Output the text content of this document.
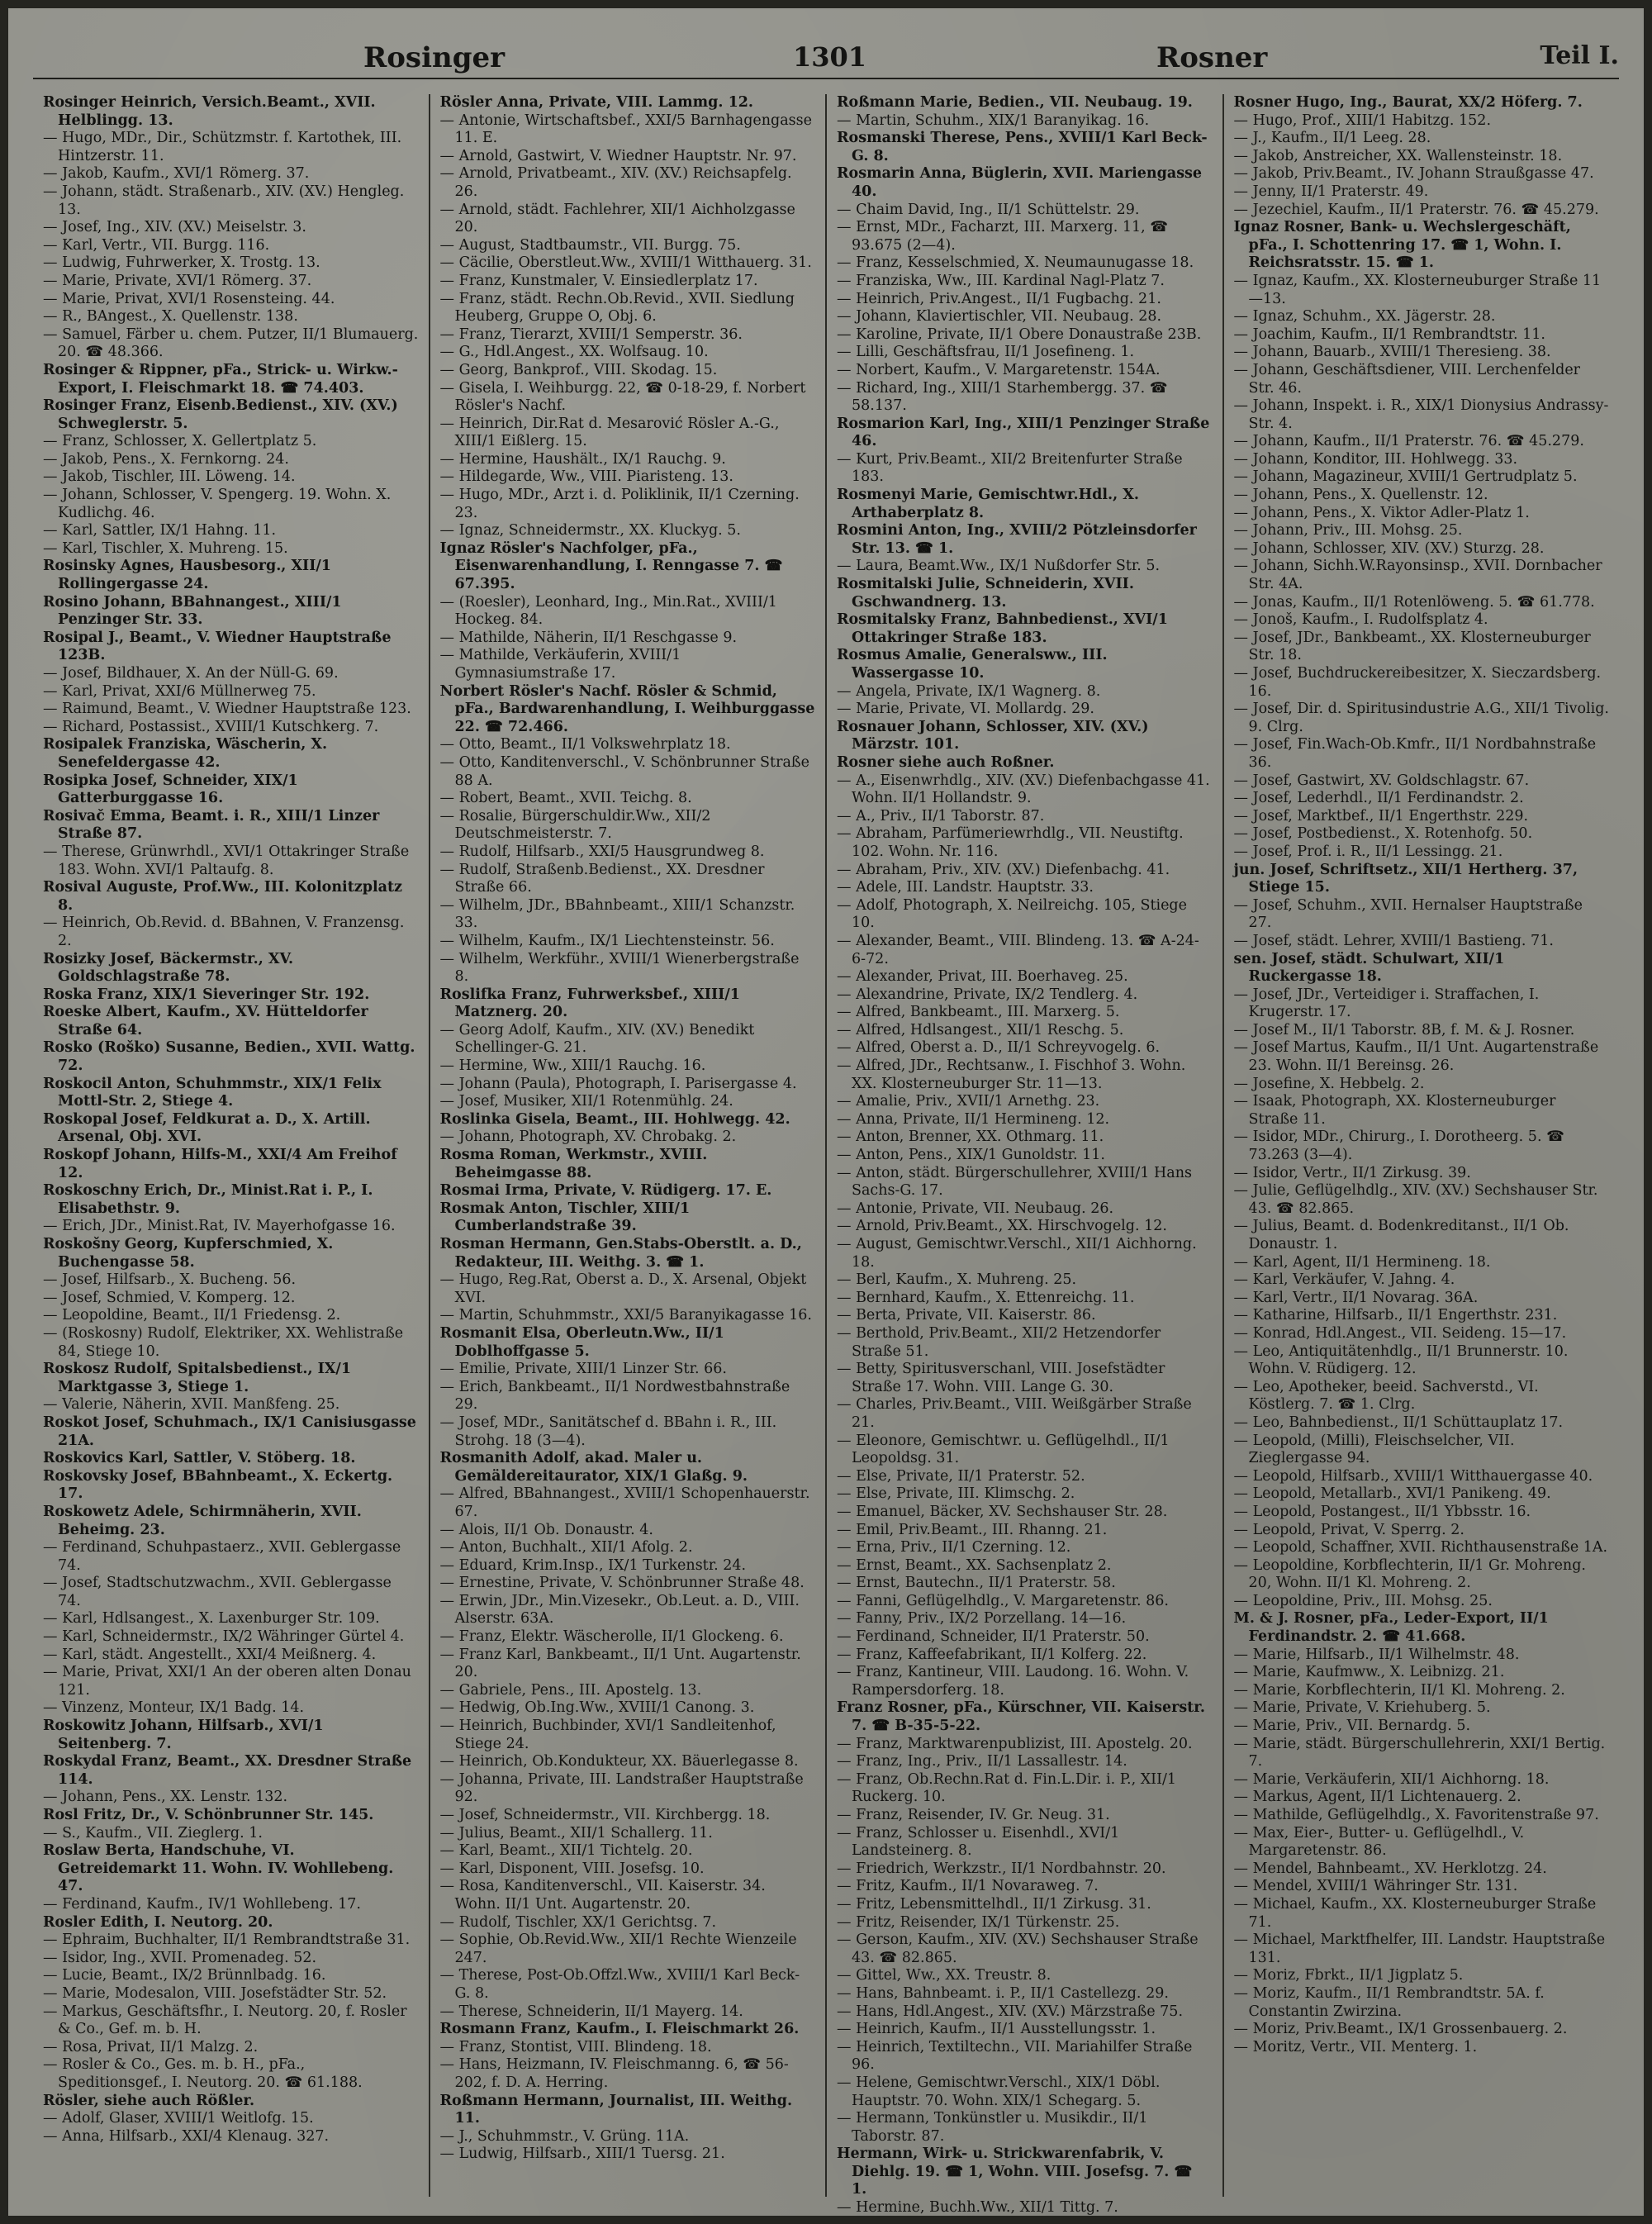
Rosinger	1301	Rosner	Teil I.

Rosinger Heinrich, Versich.Beamt., XVII. Helblingg. 13.

— Hugo, MDr., Dir., Schützmstr. f. Kartothek, III. Hintzerstr. 11.

— Jakob, Kaufm., XVI/1 Römerg. 37.

— Johann, städt. Straßenarb., XIV. (XV.) Hengleg. 13.

— Josef, Ing., XIV. (XV.) Meiselstr. 3.

— Karl, Vertr., VII. Burgg. 116.

— Ludwig, Fuhrwerker, X. Trostg. 13.

— Marie, Private, XVI/1 Römerg. 37.

— Marie, Privat, XVI/1 Rosensteing. 44.

— R., BAngest., X. Quellenstr. 138.

— Samuel, Färber u. chem. Putzer, II/1 Blumauerg. 20. ☎ 48.366.

Rosinger & Rippner, pFa., Strick- u. Wirkw.-Export, I. Fleischmarkt 18. ☎ 74.403.

Rosinger Franz, Eisenb.Bedienst., XIV. (XV.) Schweglerstr. 5.

— Franz, Schlosser, X. Gellertplatz 5.

— Jakob, Pens., X. Fernkorng. 24.

— Jakob, Tischler, III. Löweng. 14.

— Johann, Schlosser, V. Spengerg. 19. Wohn. X. Kudlichg. 46.

— Karl, Sattler, IX/1 Hahng. 11.

— Karl, Tischler, X. Muhreng. 15.

Rosinsky Agnes, Hausbesorg., XII/1 Rollingergasse 24.

Rosino Johann, BBahnangest., XIII/1 Penzinger Str. 33.

Rosipal J., Beamt., V. Wiedner Hauptstraße 123B.

— Josef, Bildhauer, X. An der Nüll-G. 69.

— Karl, Privat, XXI/6 Müllnerweg 75.

— Raimund, Beamt., V. Wiedner Hauptstraße 123.

— Richard, Postassist., XVIII/1 Kutschkerg. 7.

Rosipalek Franziska, Wäscherin, X. Senefeldergasse 42.

Rosipka Josef, Schneider, XIX/1 Gatterburggasse 16.

Rosivač Emma, Beamt. i. R., XIII/1 Linzer Straße 87.

— Therese, Grünwrhdl., XVI/1 Ottakringer Straße 183. Wohn. XVI/1 Paltaufg. 8.

Rosival Auguste, Prof.Ww., III. Kolonitzplatz 8.

— Heinrich, Ob.Revid. d. BBahnen, V. Franzensg. 2.

Rosizky Josef, Bäckermstr., XV. Goldschlagstraße 78.

Roska Franz, XIX/1 Sieveringer Str. 192.

Roeske Albert, Kaufm., XV. Hütteldorfer Straße 64.

Rosko (Roško) Susanne, Bedien., XVII. Wattg. 72.

Roskocil Anton, Schuhmmstr., XIX/1 Felix Mottl-Str. 2, Stiege 4.

Roskopal Josef, Feldkurat a. D., X. Artill. Arsenal, Obj. XVI.

Roskopf Johann, Hilfs-M., XXI/4 Am Freihof 12.

Roskoschny Erich, Dr., Minist.Rat i. P., I. Elisabethstr. 9.

— Erich, JDr., Minist.Rat, IV. Mayerhofgasse 16.

Roskošny Georg, Kupferschmied, X. Buchengasse 58.

— Josef, Hilfsarb., X. Bucheng. 56.

— Josef, Schmied, V. Komperg. 12.

— Leopoldine, Beamt., II/1 Friedensg. 2.

— (Roskosny) Rudolf, Elektriker, XX. Wehlistraße 84, Stiege 10.

Roskosz Rudolf, Spitalsbedienst., IX/1 Marktgasse 3, Stiege 1.

— Valerie, Näherin, XVII. Manßfeng. 25.

Roskot Josef, Schuhmach., IX/1 Canisiusgasse 21A.

Roskovics Karl, Sattler, V. Stöberg. 18.

Roskovsky Josef, BBahnbeamt., X. Eckertg. 17.

Roskowetz Adele, Schirmnäherin, XVII. Beheimg. 23.

— Ferdinand, Schuhpastaerz., XVII. Geblergasse 74.

— Josef, Stadtschutzwachm., XVII. Geblergasse 74.

— Karl, Hdlsangest., X. Laxenburger Str. 109.

— Karl, Schneidermstr., IX/2 Währinger Gürtel 4.

— Karl, städt. Angestellt., XXI/4 Meißnerg. 4.

— Marie, Privat, XXI/1 An der oberen alten Donau 121.

— Vinzenz, Monteur, IX/1 Badg. 14.

Roskowitz Johann, Hilfsarb., XVI/1 Seitenberg. 7.

Roskydal Franz, Beamt., XX. Dresdner Straße 114.

— Johann, Pens., XX. Lenstr. 132.

Rosl Fritz, Dr., V. Schönbrunner Str. 145.

— S., Kaufm., VII. Zieglerg. 1.

Roslaw Berta, Handschuhe, VI. Getreidemarkt 11. Wohn. IV. Wohllebeng. 47.

— Ferdinand, Kaufm., IV/1 Wohllebeng. 17.

Rosler Edith, I. Neutorg. 20.

— Ephraim, Buchhalter, II/1 Rembrandtstraße 31.

— Isidor, Ing., XVII. Promenadeg. 52.

— Lucie, Beamt., IX/2 Brünnlbadg. 16.

— Marie, Modesalon, VIII. Josefstädter Str. 52.

— Markus, Geschäftsfhr., I. Neutorg. 20, f. Rosler & Co., Gef. m. b. H.

— Rosa, Privat, II/1 Malzg. 2.

— Rosler & Co., Ges. m. b. H., pFa., Speditionsgef., I. Neutorg. 20. ☎ 61.188.

Rösler, siehe auch Rößler.

— Adolf, Glaser, XVIII/1 Weitlofg. 15.

— Anna, Hilfsarb., XXI/4 Klenaug. 327.

Rösler Anna, Private, VIII. Lammg. 12.

— Antonie, Wirtschaftsbef., XXI/5 Barnhagengasse 11. E.

— Arnold, Gastwirt, V. Wiedner Hauptstr. Nr. 97.

— Arnold, Privatbeamt., XIV. (XV.) Reichsapfelg. 26.

— Arnold, städt. Fachlehrer, XII/1 Aichholzgasse 20.

— August, Stadtbaumstr., VII. Burgg. 75.

— Cäcilie, Oberstleut.Ww., XVIII/1 Witthauerg. 31.

— Franz, Kunstmaler, V. Einsiedlerplatz 17.

— Franz, städt. Rechn.Ob.Revid., XVII. Siedlung Heuberg, Gruppe O, Obj. 6.

— Franz, Tierarzt, XVIII/1 Semperstr. 36.

— G., Hdl.Angest., XX. Wolfsaug. 10.

— Georg, Bankprof., VIII. Skodag. 15.

— Gisela, I. Weihburgg. 22, ☎ 0-18-29, f. Norbert Rösler's Nachf.

— Heinrich, Dir.Rat d. Mesarović Rösler A.-G., XIII/1 Eißlerg. 15.

— Hermine, Haushält., IX/1 Rauchg. 9.

— Hildegarde, Ww., VIII. Piaristeng. 13.

— Hugo, MDr., Arzt i. d. Poliklinik, II/1 Czerning. 23.

— Ignaz, Schneidermstr., XX. Kluckyg. 5.

Ignaz Rösler's Nachfolger, pFa., Eisenwarenhandlung, I. Renngasse 7. ☎ 67.395.

— (Roesler), Leonhard, Ing., Min.Rat., XVIII/1 Hockeg. 84.

— Mathilde, Näherin, II/1 Reschgasse 9.

— Mathilde, Verkäuferin, XVIII/1 Gymnasiumstraße 17.

Norbert Rösler's Nachf. Rösler & Schmid, pFa., Bardwarenhandlung, I. Weihburggasse 22. ☎ 72.466.

— Otto, Beamt., II/1 Volkswehrplatz 18.

— Otto, Kanditenverschl., V. Schönbrunner Straße 88 A.

— Robert, Beamt., XVII. Teichg. 8.

— Rosalie, Bürgerschuldir.Ww., XII/2 Deutschmeisterstr. 7.

— Rudolf, Hilfsarb., XXI/5 Hausgrundweg 8.

— Rudolf, Straßenb.Bedienst., XX. Dresdner Straße 66.

— Wilhelm, JDr., BBahnbeamt., XIII/1 Schanzstr. 33.

— Wilhelm, Kaufm., IX/1 Liechtensteinstr. 56.

— Wilhelm, Werkführ., XVIII/1 Wienerbergstraße 8.

Roslifka Franz, Fuhrwerksbef., XIII/1 Matznerg. 20.

— Georg Adolf, Kaufm., XIV. (XV.) Benedikt Schellinger-G. 21.

— Hermine, Ww., XIII/1 Rauchg. 16.

— Johann (Paula), Photograph, I. Parisergasse 4.

— Josef, Musiker, XII/1 Rotenmühlg. 24.

Roslinka Gisela, Beamt., III. Hohlwegg. 42.

— Johann, Photograph, XV. Chrobakg. 2.

Rosma Roman, Werkmstr., XVIII. Beheimgasse 88.

Rosmai Irma, Private, V. Rüdigerg. 17. E.

Rosmak Anton, Tischler, XIII/1 Cumberlandstraße 39.

Rosman Hermann, Gen.Stabs-Oberstlt. a. D., Redakteur, III. Weithg. 3. ☎ 1.

— Hugo, Reg.Rat, Oberst a. D., X. Arsenal, Objekt XVI.

— Martin, Schuhmmstr., XXI/5 Baranyikagasse 16.

Rosmanit Elsa, Oberleutn.Ww., II/1 Doblhoffgasse 5.

— Emilie, Private, XIII/1 Linzer Str. 66.

— Erich, Bankbeamt., II/1 Nordwestbahnstraße 29.

— Josef, MDr., Sanitätschef d. BBahn i. R., III. Strohg. 18 (3—4).

Rosmanith Adolf, akad. Maler u. Gemäldereitaurator, XIX/1 Glaßg. 9.

— Alfred, BBahnangest., XVIII/1 Schopenhauerstr. 67.

— Alois, II/1 Ob. Donaustr. 4.

— Anton, Buchhalt., XII/1 Afolg. 2.

— Eduard, Krim.Insp., IX/1 Turkenstr. 24.

— Ernestine, Private, V. Schönbrunner Straße 48.

— Erwin, JDr., Min.Vizesekr., Ob.Leut. a. D., VIII. Alserstr. 63A.

— Franz, Elektr. Wäscherolle, II/1 Glockeng. 6.

— Franz Karl, Bankbeamt., II/1 Unt. Augartenstr. 20.

— Gabriele, Pens., III. Apostelg. 13.

— Hedwig, Ob.Ing.Ww., XVIII/1 Canong. 3.

— Heinrich, Buchbinder, XVI/1 Sandleitenhof, Stiege 24.

— Heinrich, Ob.Kondukteur, XX. Bäuerlegasse 8.

— Johanna, Private, III. Landstraßer Hauptstraße 92.

— Josef, Schneidermstr., VII. Kirchbergg. 18.

— Julius, Beamt., XII/1 Schallerg. 11.

— Karl, Beamt., XII/1 Tichtelg. 20.

— Karl, Disponent, VIII. Josefsg. 10.

— Rosa, Kanditenverschl., VII. Kaiserstr. 34. Wohn. II/1 Unt. Augartenstr. 20.

— Rudolf, Tischler, XX/1 Gerichtsg. 7.

— Sophie, Ob.Revid.Ww., XII/1 Rechte Wienzeile 247.

— Therese, Post-Ob.Offzl.Ww., XVIII/1 Karl Beck-G. 8.

— Therese, Schneiderin, II/1 Mayerg. 14.

Rosmann Franz, Kaufm., I. Fleischmarkt 26.

— Franz, Stontist, VIII. Blindeng. 18.

— Hans, Heizmann, IV. Fleischmanng. 6, ☎ 56-202, f. D. A. Herring.

Roßmann Hermann, Journalist, III. Weithg. 11.

— J., Schuhmmstr., V. Grüng. 11A.

— Ludwig, Hilfsarb., XIII/1 Tuersg. 21.

Roßmann Marie, Bedien., VII. Neubaug. 19.

— Martin, Schuhm., XIX/1 Baranyikag. 16.

Rosmanski Therese, Pens., XVIII/1 Karl Beck-G. 8.

Rosmarin Anna, Büglerin, XVII. Mariengasse 40.

— Chaim David, Ing., II/1 Schüttelstr. 29.

— Ernst, MDr., Facharzt, III. Marxerg. 11, ☎ 93.675 (2—4).

— Franz, Kesselschmied, X. Neumaunugasse 18.

— Franziska, Ww., III. Kardinal Nagl-Platz 7.

— Heinrich, Priv.Angest., II/1 Fugbachg. 21.

— Johann, Klaviertischler, VII. Neubaug. 28.

— Karoline, Private, II/1 Obere Donaustraße 23B.

— Lilli, Geschäftsfrau, II/1 Josefineng. 1.

— Norbert, Kaufm., V. Margaretenstr. 154A.

— Richard, Ing., XIII/1 Starhembergg. 37. ☎ 58.137.

Rosmarion Karl, Ing., XIII/1 Penzinger Straße 46.

— Kurt, Priv.Beamt., XII/2 Breitenfurter Straße 183.

Rosmenyi Marie, Gemischtwr.Hdl., X. Arthaberplatz 8.

Rosmini Anton, Ing., XVIII/2 Pötzleinsdorfer Str. 13. ☎ 1.

— Laura, Beamt.Ww., IX/1 Nußdorfer Str. 5.

Rosmitalski Julie, Schneiderin, XVII. Gschwandnerg. 13.

Rosmitalsky Franz, Bahnbedienst., XVI/1 Ottakringer Straße 183.

Rosmus Amalie, Generalsww., III. Wassergasse 10.

— Angela, Private, IX/1 Wagnerg. 8.

— Marie, Private, VI. Mollardg. 29.

Rosnauer Johann, Schlosser, XIV. (XV.) Märzstr. 101.

Rosner siehe auch Roßner.

— A., Eisenwrhdlg., XIV. (XV.) Diefenbachgasse 41. Wohn. II/1 Hollandstr. 9.

— A., Priv., II/1 Taborstr. 87.

— Abraham, Parfümeriewrhdlg., VII. Neustiftg. 102. Wohn. Nr. 116.

— Abraham, Priv., XIV. (XV.) Diefenbachg. 41.

— Adele, III. Landstr. Hauptstr. 33.

— Adolf, Photograph, X. Neilreichg. 105, Stiege 10.

— Alexander, Beamt., VIII. Blindeng. 13. ☎ A-24-6-72.

— Alexander, Privat, III. Boerhaveg. 25.

— Alexandrine, Private, IX/2 Tendlerg. 4.

— Alfred, Bankbeamt., III. Marxerg. 5.

— Alfred, Hdlsangest., XII/1 Reschg. 5.

— Alfred, Oberst a. D., II/1 Schreyvogelg. 6.

— Alfred, JDr., Rechtsanw., I. Fischhof 3. Wohn. XX. Klosterneuburger Str. 11—13.

— Amalie, Priv., XVII/1 Arnethg. 23.

— Anna, Private, II/1 Hermineng. 12.

— Anton, Brenner, XX. Othmarg. 11.

— Anton, Pens., XIX/1 Gunoldstr. 11.

— Anton, städt. Bürgerschullehrer, XVIII/1 Hans Sachs-G. 17.

— Antonie, Private, VII. Neubaug. 26.

— Arnold, Priv.Beamt., XX. Hirschvogelg. 12.

— August, Gemischtwr.Verschl., XII/1 Aichhorng. 18.

— Berl, Kaufm., X. Muhreng. 25.

— Bernhard, Kaufm., X. Ettenreichg. 11.

— Berta, Private, VII. Kaiserstr. 86.

— Berthold, Priv.Beamt., XII/2 Hetzendorfer Straße 51.

— Betty, Spiritusverschanl, VIII. Josefstädter Straße 17. Wohn. VIII. Lange G. 30.

— Charles, Priv.Beamt., VIII. Weißgärber Straße 21.

— Eleonore, Gemischtwr. u. Geflügelhdl., II/1 Leopoldsg. 31.

— Else, Private, II/1 Praterstr. 52.

— Else, Private, III. Klimschg. 2.

— Emanuel, Bäcker, XV. Sechshauser Str. 28.

— Emil, Priv.Beamt., III. Rhanng. 21.

— Erna, Priv., II/1 Czerning. 12.

— Ernst, Beamt., XX. Sachsenplatz 2.

— Ernst, Bautechn., II/1 Praterstr. 58.

— Fanni, Geflügelhdlg., V. Margaretenstr. 86.

— Fanny, Priv., IX/2 Porzellang. 14—16.

— Ferdinand, Schneider, II/1 Praterstr. 50.

— Franz, Kaffeefabrikant, II/1 Kolferg. 22.

— Franz, Kantineur, VIII. Laudong. 16. Wohn. V. Rampersdorferg. 18.

Franz Rosner, pFa., Kürschner, VII. Kaiserstr. 7. ☎ B-35-5-22.

— Franz, Marktwarenpublizist, III. Apostelg. 20.

— Franz, Ing., Priv., II/1 Lassallestr. 14.

— Franz, Ob.Rechn.Rat d. Fin.L.Dir. i. P., XII/1 Ruckerg. 10.

— Franz, Reisender, IV. Gr. Neug. 31.

— Franz, Schlosser u. Eisenhdl., XVI/1 Landsteinerg. 8.

— Friedrich, Werkzstr., II/1 Nordbahnstr. 20.

— Fritz, Kaufm., II/1 Novaraweg. 7.

— Fritz, Lebensmittelhdl., II/1 Zirkusg. 31.

— Fritz, Reisender, IX/1 Türkenstr. 25.

— Gerson, Kaufm., XIV. (XV.) Sechshauser Straße 43. ☎ 82.865.

— Gittel, Ww., XX. Treustr. 8.

— Hans, Bahnbeamt. i. P., II/1 Castellezg. 29.

— Hans, Hdl.Angest., XIV. (XV.) Märzstraße 75.

— Heinrich, Kaufm., II/1 Ausstellungsstr. 1.

— Heinrich, Textiltechn., VII. Mariahilfer Straße 96.

— Helene, Gemischtwr.Verschl., XIX/1 Döbl. Hauptstr. 70. Wohn. XIX/1 Schegarg. 5.

— Hermann, Tonkünstler u. Musikdir., II/1 Taborstr. 87.

Hermann, Wirk- u. Strickwarenfabrik, V. Diehlg. 19. ☎ 1, Wohn. VIII. Josefsg. 7. ☎ 1.

— Hermine, Buchh.Ww., XII/1 Tittg. 7.

Rosner Hugo, Ing., Baurat, XX/2 Höferg. 7.

— Hugo, Prof., XIII/1 Habitzg. 152.

— J., Kaufm., II/1 Leeg. 28.

— Jakob, Anstreicher, XX. Wallensteinstr. 18.

— Jakob, Priv.Beamt., IV. Johann Straußgasse 47.

— Jenny, II/1 Praterstr. 49.

— Jezechiel, Kaufm., II/1 Praterstr. 76. ☎ 45.279.

Ignaz Rosner, Bank- u. Wechslergeschäft, pFa., I. Schottenring 17. ☎ 1, Wohn. I. Reichsratsstr. 15. ☎ 1.

— Ignaz, Kaufm., XX. Klosterneuburger Straße 11—13.

— Ignaz, Schuhm., XX. Jägerstr. 28.

— Joachim, Kaufm., II/1 Rembrandtstr. 11.

— Johann, Bauarb., XVIII/1 Theresieng. 38.

— Johann, Geschäftsdiener, VIII. Lerchenfelder Str. 46.

— Johann, Inspekt. i. R., XIX/1 Dionysius Andrassy-Str. 4.

— Johann, Kaufm., II/1 Praterstr. 76. ☎ 45.279.

— Johann, Konditor, III. Hohlwegg. 33.

— Johann, Magazineur, XVIII/1 Gertrudplatz 5.

— Johann, Pens., X. Quellenstr. 12.

— Johann, Pens., X. Viktor Adler-Platz 1.

— Johann, Priv., III. Mohsg. 25.

— Johann, Schlosser, XIV. (XV.) Sturzg. 28.

— Johann, Sichh.W.Rayonsinsp., XVII. Dornbacher Str. 4A.

— Jonas, Kaufm., II/1 Rotenlöweng. 5. ☎ 61.778.

— Jonoš, Kaufm., I. Rudolfsplatz 4.

— Josef, JDr., Bankbeamt., XX. Klosterneuburger Str. 18.

— Josef, Buchdruckereibesitzer, X. Sieczardsberg. 16.

— Josef, Dir. d. Spiritusindustrie A.G., XII/1 Tivolig. 9. Clrg.

— Josef, Fin.Wach-Ob.Kmfr., II/1 Nordbahnstraße 36.

— Josef, Gastwirt, XV. Goldschlagstr. 67.

— Josef, Lederhdl., II/1 Ferdinandstr. 2.

— Josef, Marktbef., II/1 Engerthstr. 229.

— Josef, Postbedienst., X. Rotenhofg. 50.

— Josef, Prof. i. R., II/1 Lessingg. 21.

jun. Josef, Schriftsetz., XII/1 Hertherg. 37, Stiege 15.

— Josef, Schuhm., XVII. Hernalser Hauptstraße 27.

— Josef, städt. Lehrer, XVIII/1 Bastieng. 71.

sen. Josef, städt. Schulwart, XII/1 Ruckergasse 18.

— Josef, JDr., Verteidiger i. Straffachen, I. Krugerstr. 17.

— Josef M., II/1 Taborstr. 8B, f. M. & J. Rosner.

— Josef Martus, Kaufm., II/1 Unt. Augartenstraße 23. Wohn. II/1 Bereinsg. 26.

— Josefine, X. Hebbelg. 2.

— Isaak, Photograph, XX. Klosterneuburger Straße 11.

— Isidor, MDr., Chirurg., I. Dorotheerg. 5. ☎ 73.263 (3—4).

— Isidor, Vertr., II/1 Zirkusg. 39.

— Julie, Geflügelhdlg., XIV. (XV.) Sechshauser Str. 43. ☎ 82.865.

— Julius, Beamt. d. Bodenkreditanst., II/1 Ob. Donaustr. 1.

— Karl, Agent, II/1 Hermineng. 18.

— Karl, Verkäufer, V. Jahng. 4.

— Karl, Vertr., II/1 Novarag. 36A.

— Katharine, Hilfsarb., II/1 Engerthstr. 231.

— Konrad, Hdl.Angest., VII. Seideng. 15—17.

— Leo, Antiquitätenhdlg., II/1 Brunnerstr. 10. Wohn. V. Rüdigerg. 12.

— Leo, Apotheker, beeid. Sachverstd., VI. Köstlerg. 7. ☎ 1. Clrg.

— Leo, Bahnbedienst., II/1 Schüttauplatz 17.

— Leopold, (Milli), Fleischselcher, VII. Zieglergasse 94.

— Leopold, Hilfsarb., XVIII/1 Witthauergasse 40.

— Leopold, Metallarb., XVI/1 Panikeng. 49.

— Leopold, Postangest., II/1 Ybbsstr. 16.

— Leopold, Privat, V. Sperrg. 2.

— Leopold, Schaffner, XVII. Richthausenstraße 1A.

— Leopoldine, Korbflechterin, II/1 Gr. Mohreng. 20, Wohn. II/1 Kl. Mohreng. 2.

— Leopoldine, Priv., III. Mohsg. 25.

M. & J. Rosner, pFa., Leder-Export, II/1 Ferdinandstr. 2. ☎ 41.668.

— Marie, Hilfsarb., II/1 Wilhelmstr. 48.

— Marie, Kaufmww., X. Leibnizg. 21.

— Marie, Korbflechterin, II/1 Kl. Mohreng. 2.

— Marie, Private, V. Kriehuberg. 5.

— Marie, Priv., VII. Bernardg. 5.

— Marie, städt. Bürgerschullehrerin, XXI/1 Bertig. 7.

— Marie, Verkäuferin, XII/1 Aichhorng. 18.

— Markus, Agent, II/1 Lichtenauerg. 2.

— Mathilde, Geflügelhdlg., X. Favoritenstraße 97.

— Max, Eier-, Butter- u. Geflügelhdl., V. Margaretenstr. 86.

— Mendel, Bahnbeamt., XV. Herklotzg. 24.

— Mendel, XVIII/1 Währinger Str. 131.

— Michael, Kaufm., XX. Klosterneuburger Straße 71.

— Michael, Marktfhelfer, III. Landstr. Hauptstraße 131.

— Moriz, Fbrkt., II/1 Jigplatz 5.

— Moriz, Kaufm., II/1 Rembrandtstr. 5A. f. Constantin Zwirzina.

— Moriz, Priv.Beamt., IX/1 Grossenbauerg. 2.

— Moritz, Vertr., VII. Menterg. 1.
